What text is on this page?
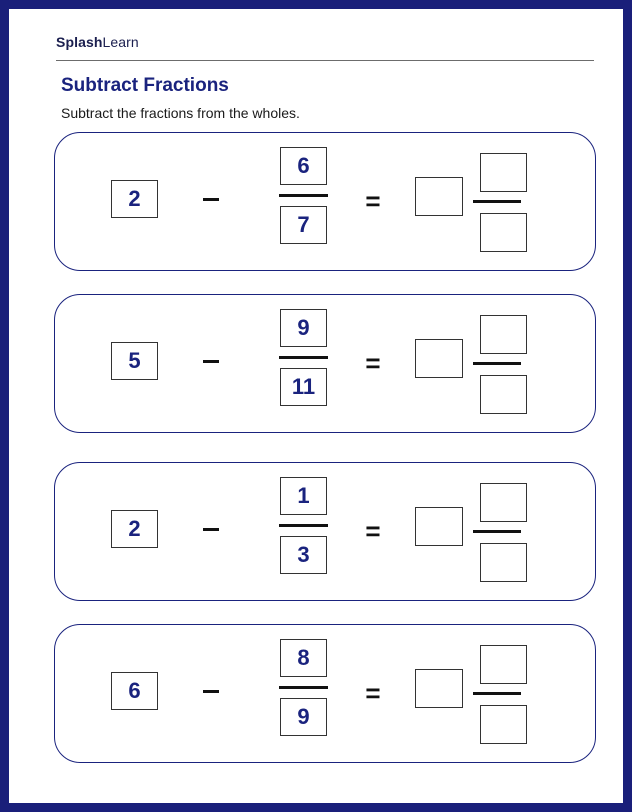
SplashLearn
Subtract Fractions
Subtract the fractions from the wholes.
2
6
7
=
5
9
11
=
2
1
3
=
6
8
9
=
